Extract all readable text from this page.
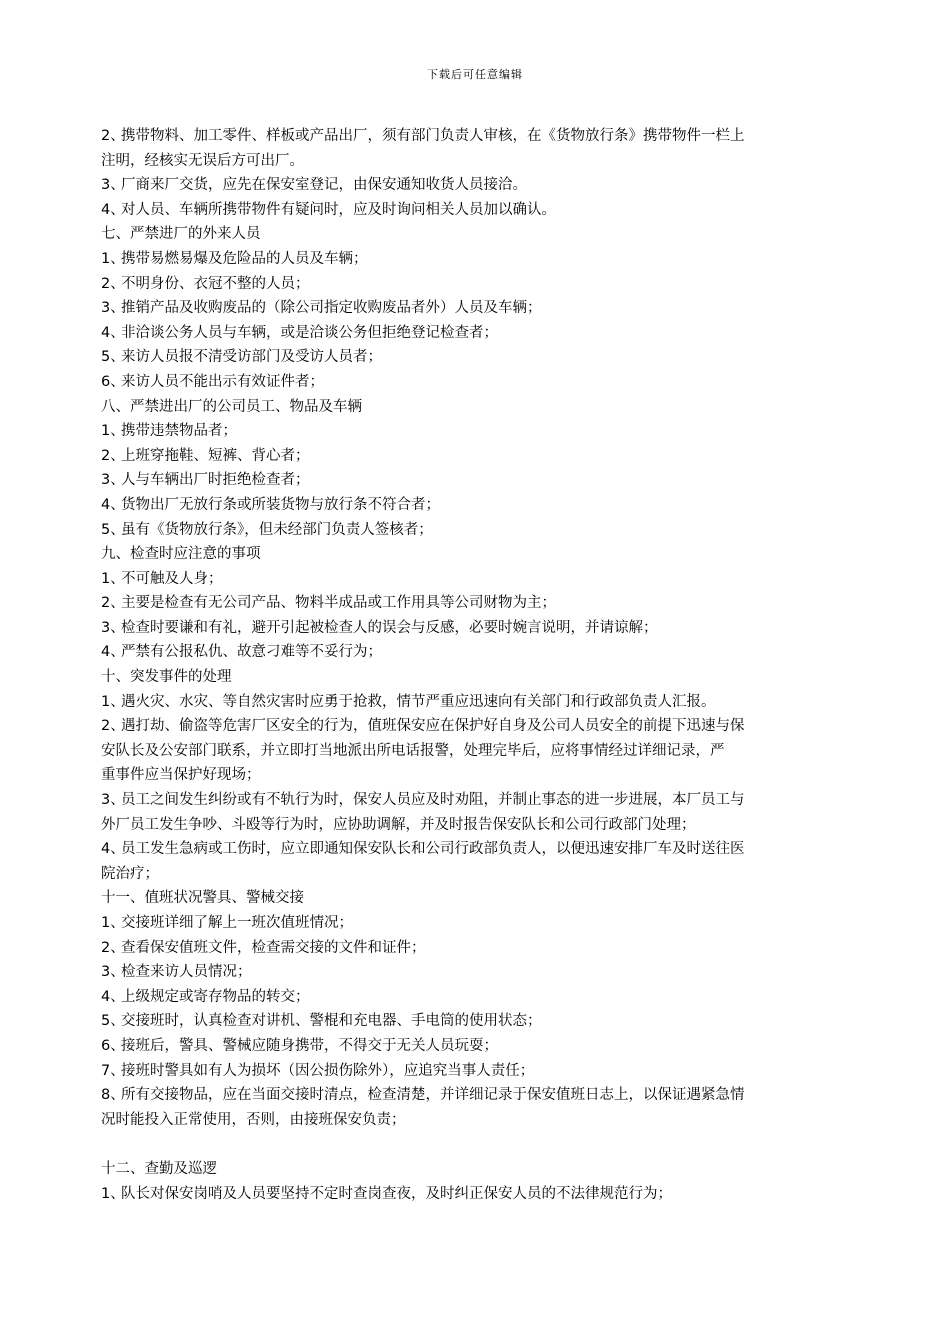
下载后可任意编辑
2、携带物料、加工零件、样板或产品出厂，须有部门负责人审核，在《货物放行条》携带物件一栏上
注明，经核实无误后方可出厂。
3、厂商来厂交货，应先在保安室登记，由保安通知收货人员接洽。
4、对人员、车辆所携带物件有疑问时，应及时询问相关人员加以确认。
七、严禁进厂的外来人员
1、携带易燃易爆及危险品的人员及车辆；
2、不明身份、衣冠不整的人员；
3、推销产品及收购废品的（除公司指定收购废品者外）人员及车辆；
4、非洽谈公务人员与车辆，或是洽谈公务但拒绝登记检查者；
5、来访人员报不清受访部门及受访人员者；
6、来访人员不能出示有效证件者；
八、严禁进出厂的公司员工、物品及车辆
1、携带违禁物品者；
2、上班穿拖鞋、短裤、背心者；
3、人与车辆出厂时拒绝检查者；
4、货物出厂无放行条或所装货物与放行条不符合者；
5、虽有《货物放行条》，但未经部门负责人签核者；
九、检查时应注意的事项
1、不可触及人身；
2、主要是检查有无公司产品、物料半成品或工作用具等公司财物为主；
3、检查时要谦和有礼，避开引起被检查人的误会与反感，必要时婉言说明，并请谅解；
4、严禁有公报私仇、故意刁难等不妥行为；
十、突发事件的处理
1、遇火灾、水灾、等自然灾害时应勇于抢救，情节严重应迅速向有关部门和行政部负责人汇报。
2、遇打劫、偷盗等危害厂区安全的行为，值班保安应在保护好自身及公司人员安全的前提下迅速与保
安队长及公安部门联系，并立即打当地派出所电话报警，处理完毕后，应将事情经过详细记录，严
重事件应当保护好现场；
3、员工之间发生纠纷或有不轨行为时，保安人员应及时劝阻，并制止事态的进一步进展，本厂员工与
外厂员工发生争吵、斗殴等行为时，应协助调解，并及时报告保安队长和公司行政部门处理；
4、员工发生急病或工伤时，应立即通知保安队长和公司行政部负责人，以便迅速安排厂车及时送往医
院治疗；
十一、值班状况警具、警械交接
1、交接班详细了解上一班次值班情况；
2、查看保安值班文件，检查需交接的文件和证件；
3、检查来访人员情况；
4、上级规定或寄存物品的转交；
5、交接班时，认真检查对讲机、警棍和充电器、手电筒的使用状态；
6、接班后，警具、警械应随身携带，不得交于无关人员玩耍；
7、接班时警具如有人为损坏（因公损伤除外），应追究当事人责任；
8、所有交接物品，应在当面交接时清点，检查清楚，并详细记录于保安值班日志上，以保证遇紧急情
况时能投入正常使用，否则，由接班保安负责；
十二、查勤及巡逻
1、队长对保安岗哨及人员要坚持不定时查岗查夜，及时纠正保安人员的不法律规范行为；
